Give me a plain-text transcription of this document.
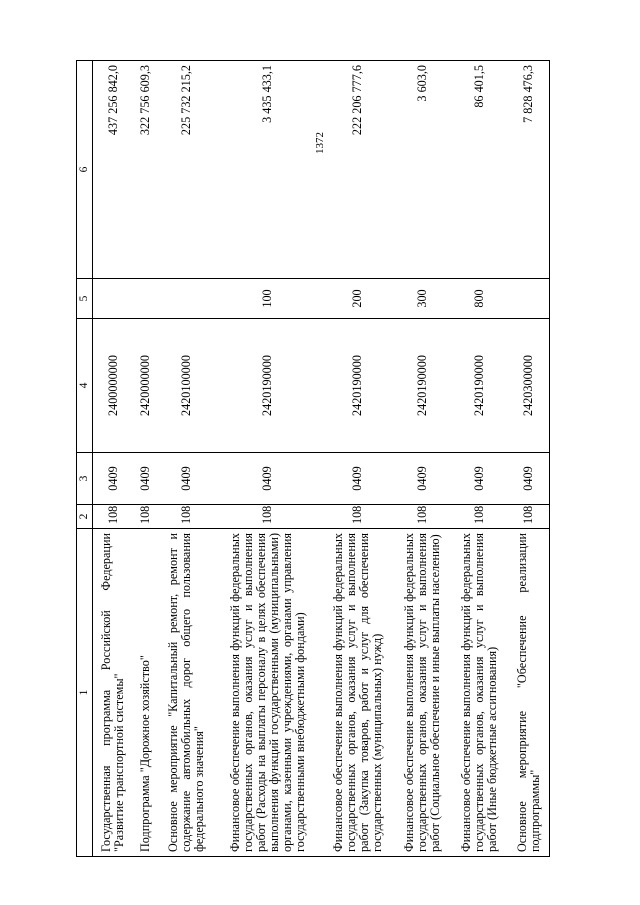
1372
1	2	3	4	5	6
Государственная программа Российской Федерации "Развитие транспортной системы"	108	0409	2400000000		437 256 842,0
Подпрограмма "Дорожное хозяйство"	108	0409	2420000000		322 756 609,3
Основное мероприятие "Капитальный ремонт, ремонт и содержание автомобильных дорог общего пользования федерального значения"	108	0409	2420100000		225 732 215,2
Финансовое обеспечение выполнения функций федеральных государственных органов, оказания услуг и выполнения работ (Расходы на выплаты персоналу в целях обеспечения выполнения функций государственными (муниципальными) органами, казенными учреждениями, органами управления государственными внебюджетными фондами)	108	0409	2420190000	100	3 435 433,1
Финансовое обеспечение выполнения функций федеральных государственных органов, оказания услуг и выполнения работ (Закупка товаров, работ и услуг для обеспечения государственных (муниципальных) нужд)	108	0409	2420190000	200	222 206 777,6
Финансовое обеспечение выполнения функций федеральных государственных органов, оказания услуг и выполнения работ (Социальное обеспечение и иные выплаты населению)	108	0409	2420190000	300	3 603,0
Финансовое обеспечение выполнения функций федеральных государственных органов, оказания услуг и выполнения работ (Иные бюджетные ассигнования)	108	0409	2420190000	800	86 401,5
Основное мероприятие "Обеспечение реализации подпрограммы"	108	0409	2420300000		7 828 476,3
